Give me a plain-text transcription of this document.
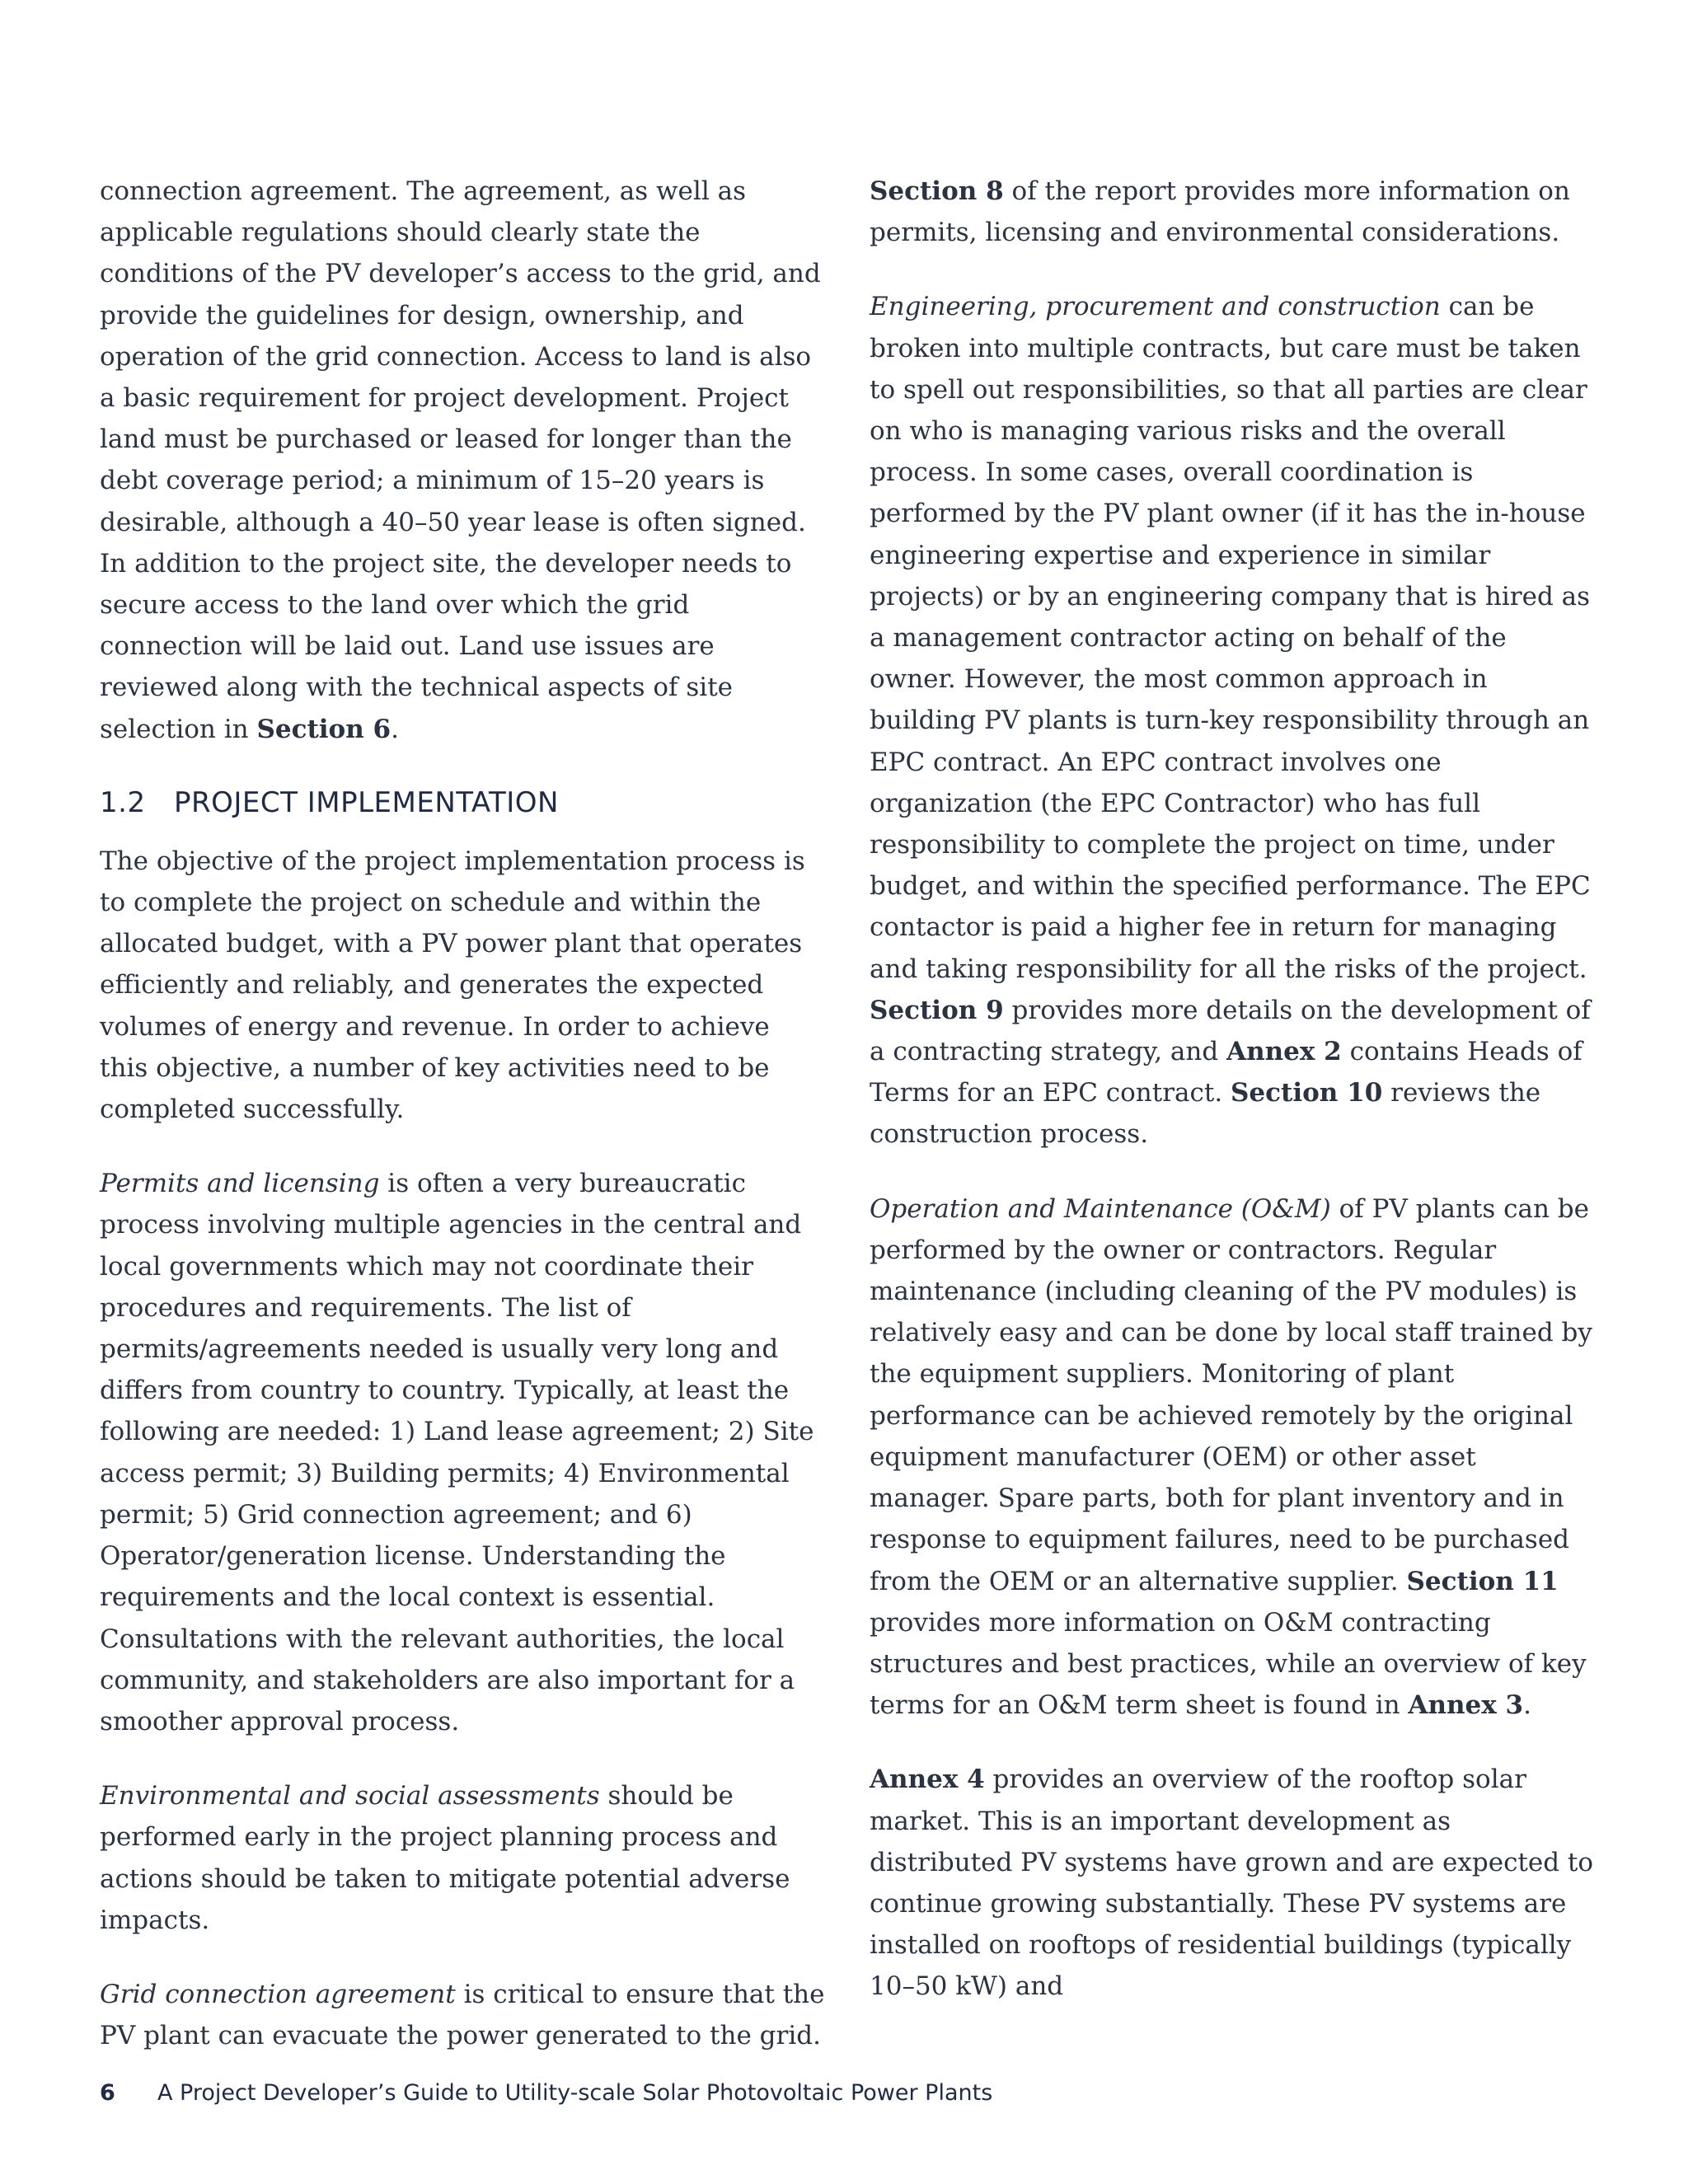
connection agreement. The agreement, as well as applicable regulations should clearly state the conditions of the PV developer’s access to the grid, and provide the guidelines for design, ownership, and operation of the grid connection. Access to land is also a basic requirement for project development. Project land must be purchased or leased for longer than the debt coverage period; a minimum of 15–20 years is desirable, although a 40–50 year lease is often signed. In addition to the project site, the developer needs to secure access to the land over which the grid connection will be laid out. Land use issues are reviewed along with the technical aspects of site selection in Section 6.

1.2 PROJECT IMPLEMENTATION

The objective of the project implementation process is to complete the project on schedule and within the allocated budget, with a PV power plant that operates efficiently and reliably, and generates the expected volumes of energy and revenue. In order to achieve this objective, a number of key activities need to be completed successfully.

Permits and licensing is often a very bureaucratic process involving multiple agencies in the central and local governments which may not coordinate their procedures and requirements. The list of permits/agreements needed is usually very long and differs from country to country. Typically, at least the following are needed: 1) Land lease agreement; 2) Site access permit; 3) Building permits; 4) Environmental permit; 5) Grid connection agreement; and 6) Operator/generation license. Understanding the requirements and the local context is essential. Consultations with the relevant authorities, the local community, and stakeholders are also important for a smoother approval process.

Environmental and social assessments should be performed early in the project planning process and actions should be taken to mitigate potential adverse impacts.

Grid connection agreement is critical to ensure that the PV plant can evacuate the power generated to the grid.

Section 8 of the report provides more information on permits, licensing and environmental considerations.

Engineering, procurement and construction can be broken into multiple contracts, but care must be taken to spell out responsibilities, so that all parties are clear on who is managing various risks and the overall process. In some cases, overall coordination is performed by the PV plant owner (if it has the in-house engineering expertise and experience in similar projects) or by an engineering company that is hired as a management contractor acting on behalf of the owner. However, the most common approach in building PV plants is turn-key responsibility through an EPC contract. An EPC contract involves one organization (the EPC Contractor) who has full responsibility to complete the project on time, under budget, and within the specified performance. The EPC contactor is paid a higher fee in return for managing and taking responsibility for all the risks of the project. Section 9 provides more details on the development of a contracting strategy, and Annex 2 contains Heads of Terms for an EPC contract. Section 10 reviews the construction process.

Operation and Maintenance (O&M) of PV plants can be performed by the owner or contractors. Regular maintenance (including cleaning of the PV modules) is relatively easy and can be done by local staff trained by the equipment suppliers. Monitoring of plant performance can be achieved remotely by the original equipment manufacturer (OEM) or other asset manager. Spare parts, both for plant inventory and in response to equipment failures, need to be purchased from the OEM or an alternative supplier. Section 11 provides more information on O&M contracting structures and best practices, while an overview of key terms for an O&M term sheet is found in Annex 3.

Annex 4 provides an overview of the rooftop solar market. This is an important development as distributed PV systems have grown and are expected to continue growing substantially. These PV systems are installed on rooftops of residential buildings (typically 10–50 kW) and

6 A Project Developer’s Guide to Utility-scale Solar Photovoltaic Power Plants
